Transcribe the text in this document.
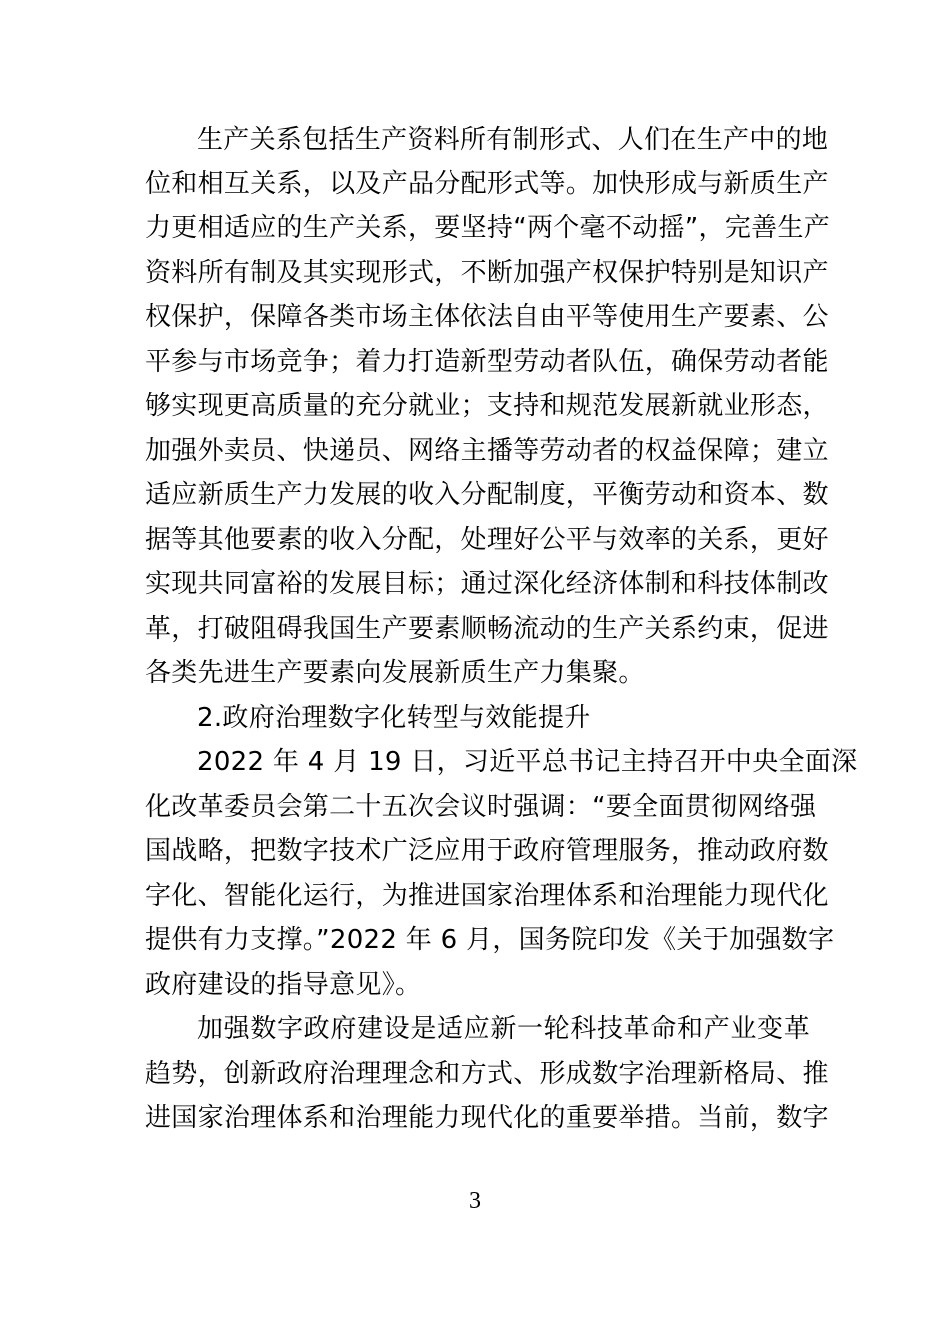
生产关系包括生产资料所有制形式、人们在生产中的地
位和相互关系，以及产品分配形式等。加快形成与新质生产
力更相适应的生产关系，要坚持“两个毫不动摇”，完善生产
资料所有制及其实现形式，不断加强产权保护特别是知识产
权保护，保障各类市场主体依法自由平等使用生产要素、公
平参与市场竞争；着力打造新型劳动者队伍，确保劳动者能
够实现更高质量的充分就业；支持和规范发展新就业形态，
加强外卖员、快递员、网络主播等劳动者的权益保障；建立
适应新质生产力发展的收入分配制度，平衡劳动和资本、数
据等其他要素的收入分配，处理好公平与效率的关系，更好
实现共同富裕的发展目标；通过深化经济体制和科技体制改
革，打破阻碍我国生产要素顺畅流动的生产关系约束，促进
各类先进生产要素向发展新质生产力集聚。
2.政府治理数字化转型与效能提升
2022 年 4 月 19 日，习近平总书记主持召开中央全面深
化改革委员会第二十五次会议时强调：“要全面贯彻网络强
国战略，把数字技术广泛应用于政府管理服务，推动政府数
字化、智能化运行，为推进国家治理体系和治理能力现代化
提供有力支撑。”2022 年 6 月，国务院印发《关于加强数字
政府建设的指导意见》。
加强数字政府建设是适应新一轮科技革命和产业变革
趋势，创新政府治理理念和方式、形成数字治理新格局、推
进国家治理体系和治理能力现代化的重要举措。当前，数字
3
